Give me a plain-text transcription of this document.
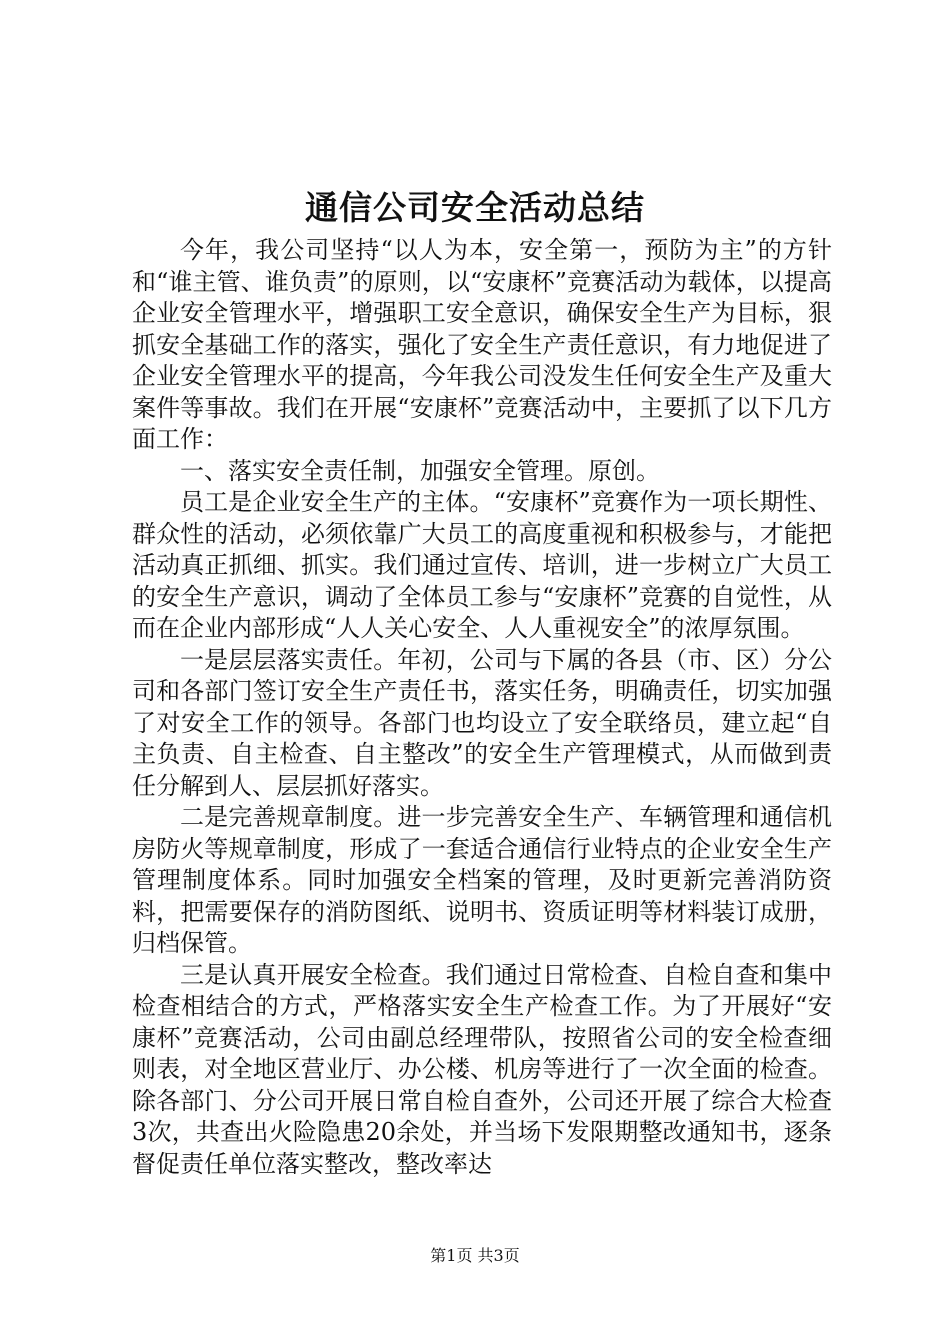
通信公司安全活动总结

今年，我公司坚持“以人为本，安全第一，预防为主”的方针和“谁主管、谁负责”的原则，以“安康杯”竞赛活动为载体，以提高企业安全管理水平，增强职工安全意识，确保安全生产为目标，狠抓安全基础工作的落实，强化了安全生产责任意识，有力地促进了企业安全管理水平的提高，今年我公司没发生任何安全生产及重大案件等事故。我们在开展“安康杯”竞赛活动中，主要抓了以下几方面工作：

一、落实安全责任制，加强安全管理。原创。

员工是企业安全生产的主体。“安康杯”竞赛作为一项长期性、群众性的活动，必须依靠广大员工的高度重视和积极参与，才能把活动真正抓细、抓实。我们通过宣传、培训，进一步树立广大员工的安全生产意识，调动了全体员工参与“安康杯”竞赛的自觉性，从而在企业内部形成“人人关心安全、人人重视安全”的浓厚氛围。

一是层层落实责任。年初，公司与下属的各县（市、区）分公司和各部门签订安全生产责任书，落实任务，明确责任，切实加强了对安全工作的领导。各部门也均设立了安全联络员，建立起“自主负责、自主检查、自主整改”的安全生产管理模式，从而做到责任分解到人、层层抓好落实。

二是完善规章制度。进一步完善安全生产、车辆管理和通信机房防火等规章制度，形成了一套适合通信行业特点的企业安全生产管理制度体系。同时加强安全档案的管理，及时更新完善消防资料，把需要保存的消防图纸、说明书、资质证明等材料装订成册，归档保管。

三是认真开展安全检查。我们通过日常检查、自检自查和集中检查相结合的方式，严格落实安全生产检查工作。为了开展好“安康杯”竞赛活动，公司由副总经理带队，按照省公司的安全检查细则表，对全地区营业厅、办公楼、机房等进行了一次全面的检查。除各部门、分公司开展日常自检自查外，公司还开展了综合大检查3次，共查出火险隐患20余处，并当场下发限期整改通知书，逐条督促责任单位落实整改，整改率达

第1页 共3页
